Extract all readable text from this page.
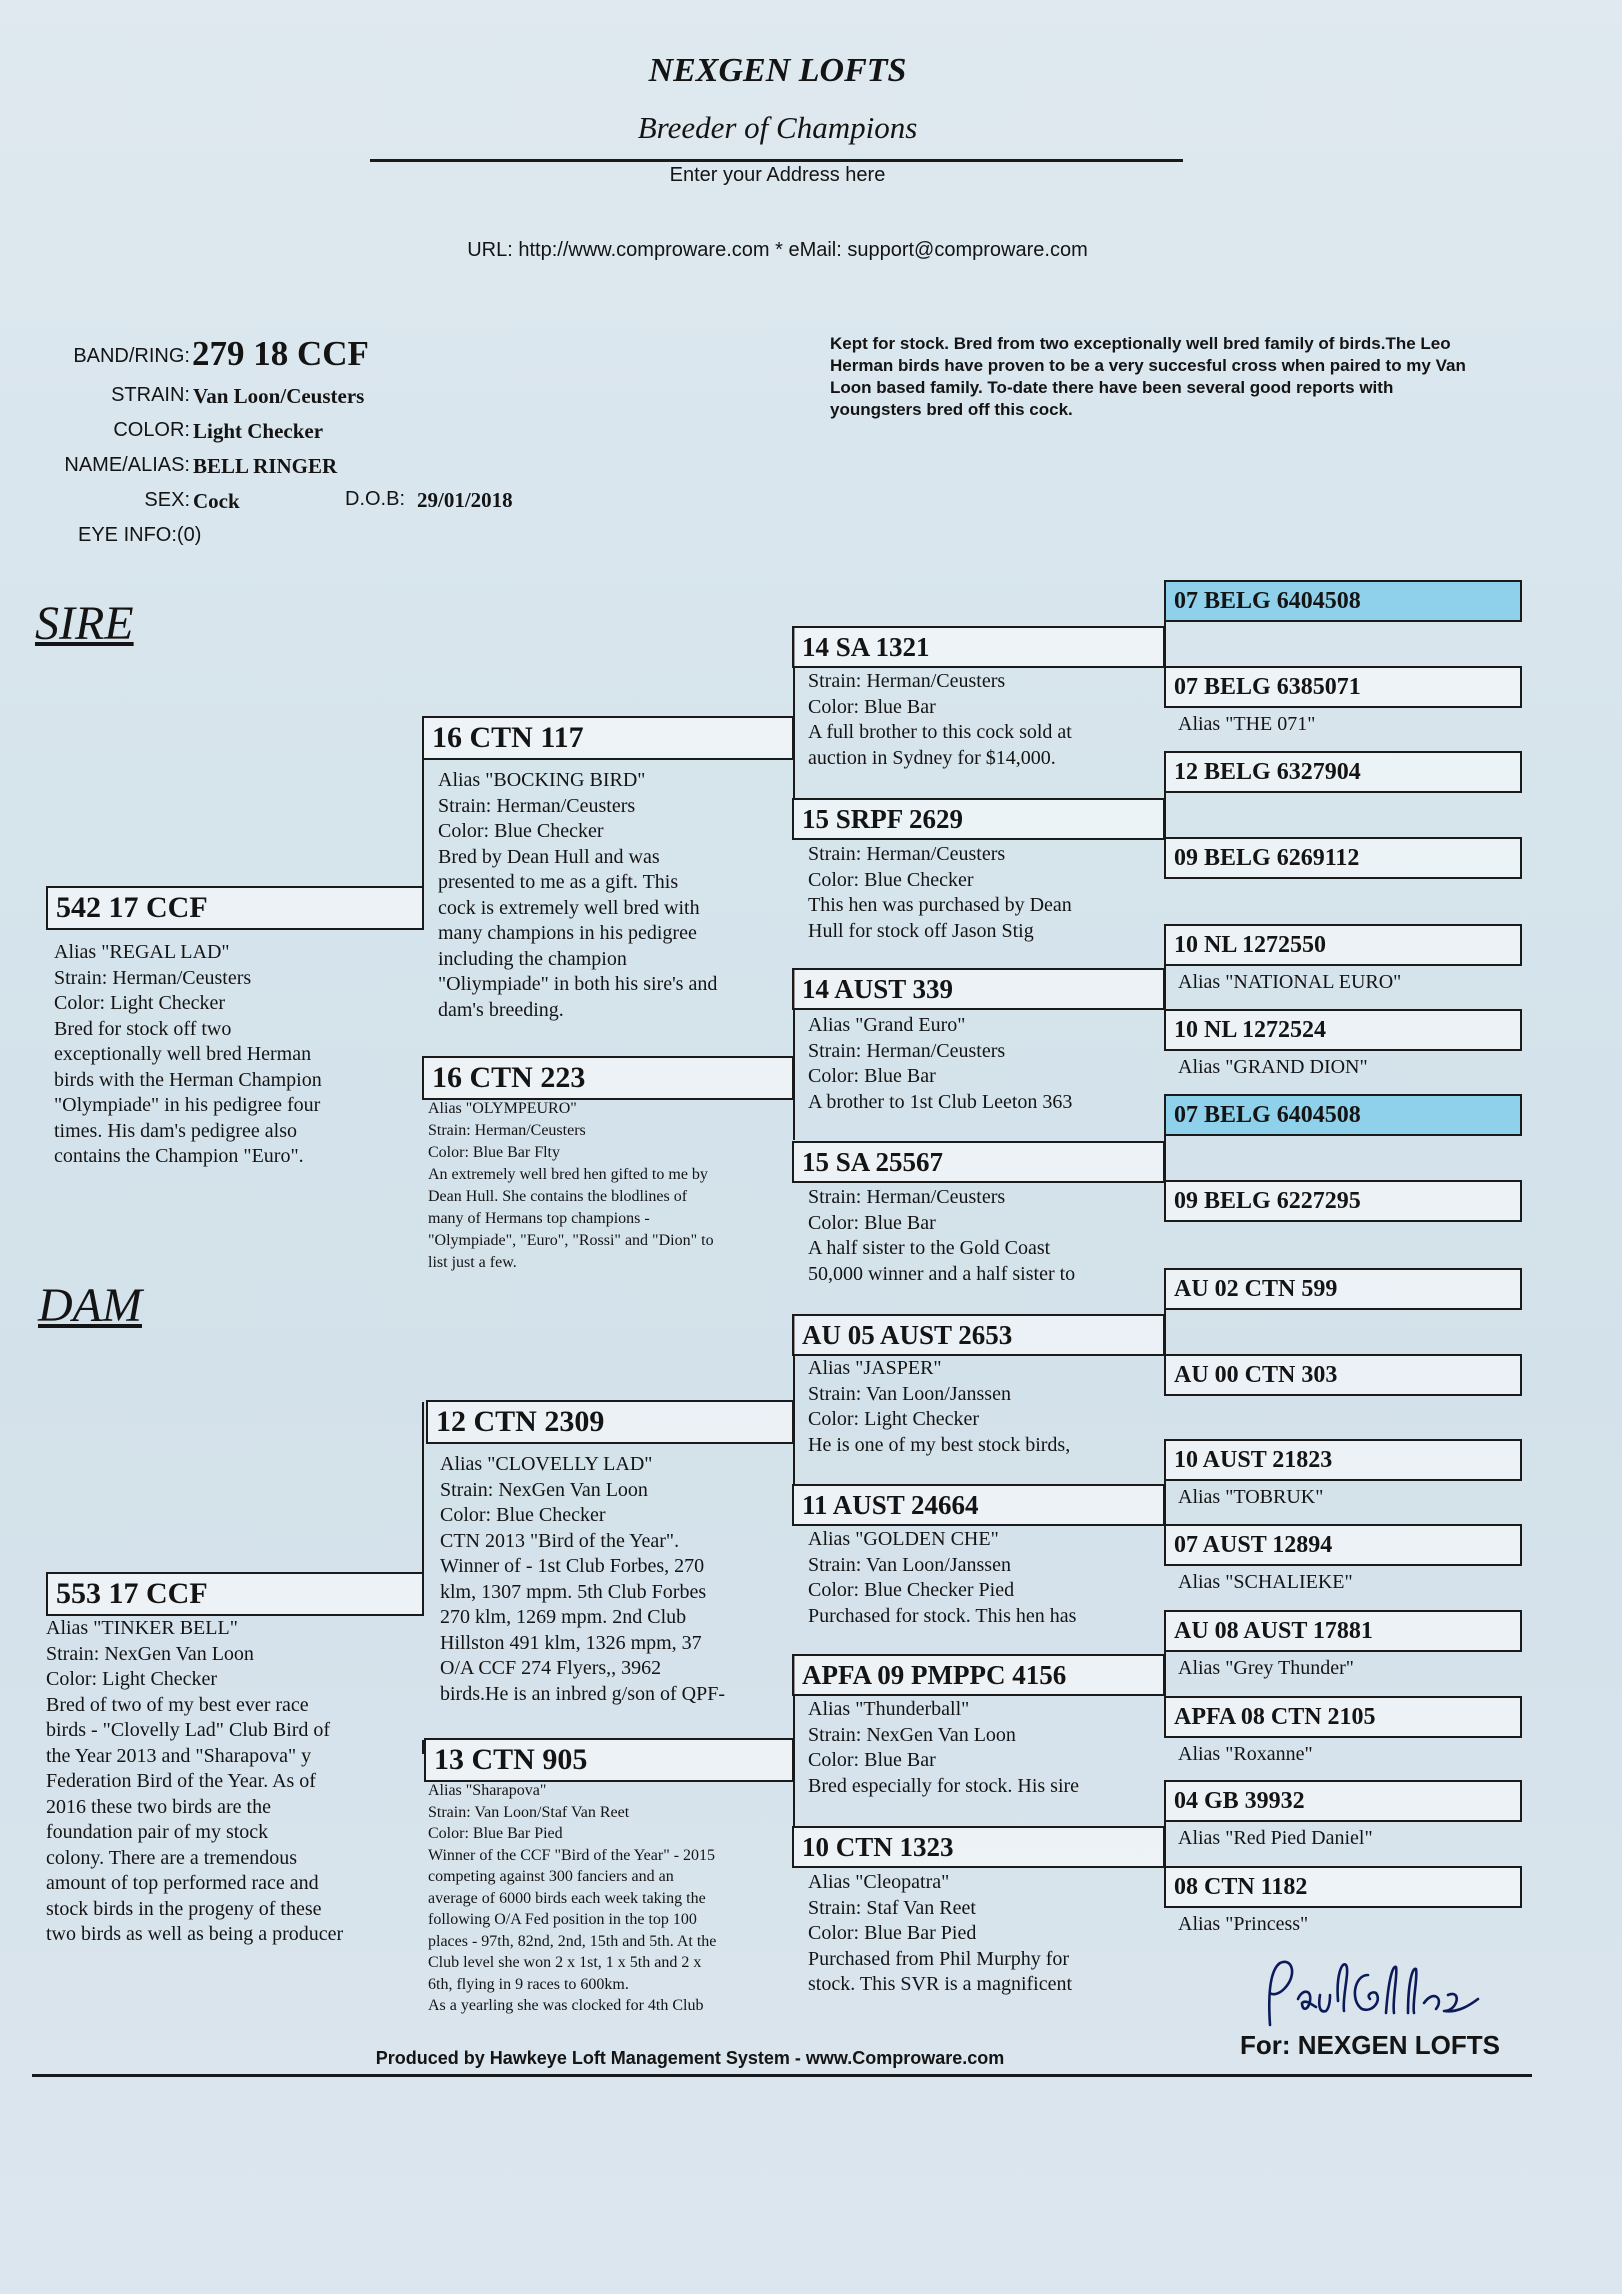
NEXGEN LOFTS
Breeder of Champions
Enter your Address here
URL: http://www.comproware.com * eMail: support@comproware.com
BAND/RING: 279 18 CCF
STRAIN: Van Loon/Ceusters
COLOR: Light Checker
NAME/ALIAS: BELL RINGER
SEX: Cock	D.O.B: 29/01/2018
EYE INFO:(0)
Kept for stock. Bred from two exceptionally well bred family of birds.The Leo Herman birds have proven to be a very succesful cross when paired to my Van Loon based family. To-date there have been several good reports with youngsters bred off this cock.
SIRE
DAM
542 17 CCF
Alias "REGAL LAD"
Strain: Herman/Ceusters
Color: Light Checker
Bred for stock off two
exceptionally well bred Herman
birds with the Herman Champion
"Olympiade" in his pedigree four
times. His dam's pedigree also
contains the Champion "Euro".
553 17 CCF
Alias "TINKER BELL"
Strain: NexGen Van Loon
Color: Light Checker
Bred of two of my best ever race
birds - "Clovelly Lad" Club Bird of
the Year 2013 and "Sharapova" y
Federation Bird of the Year. As of
2016 these two birds are the
foundation pair of my stock
colony. There are a tremendous
amount of top performed race and
stock birds in the progeny of these
two birds as well as being a producer
16 CTN 117
Alias "BOCKING BIRD"
Strain: Herman/Ceusters
Color: Blue Checker
Bred by Dean Hull and was
presented to me as a gift. This
cock is extremely well bred with
many champions in his pedigree
including the champion
"Oliympiade" in both his sire's and
dam's breeding.
16 CTN 223
Alias "OLYMPEURO"
Strain: Herman/Ceusters
Color: Blue Bar Flty
An extremely well bred hen gifted to me by
Dean Hull. She contains the blodlines of
many of Hermans top champions -
"Olympiade", "Euro", "Rossi" and "Dion" to
list just a few.
12 CTN 2309
Alias "CLOVELLY LAD"
Strain: NexGen Van Loon
Color: Blue Checker
CTN 2013 "Bird of the Year".
Winner of - 1st Club Forbes, 270
klm, 1307 mpm. 5th Club Forbes
270 klm, 1269 mpm. 2nd Club
Hillston 491 klm, 1326 mpm, 37
O/A CCF 274 Flyers,, 3962
birds.He is an inbred g/son of QPF-
13 CTN 905
Alias "Sharapova"
Strain: Van Loon/Staf Van Reet
Color: Blue Bar Pied
Winner of the CCF "Bird of the Year" - 2015
competing against 300 fanciers and an
average of 6000 birds each week taking the
following O/A Fed position in the top 100
places - 97th, 82nd, 2nd, 15th and 5th. At the
Club level she won 2 x 1st, 1 x 5th and 2 x
6th, flying in 9 races to 600km.
As a yearling she was clocked for 4th Club
14 SA 1321
Strain: Herman/Ceusters
Color: Blue Bar
A full brother to this cock sold at
auction in Sydney for $14,000.
15 SRPF 2629
Strain: Herman/Ceusters
Color: Blue Checker
This hen was purchased by Dean
Hull for stock off Jason Stig
14 AUST 339
Alias "Grand Euro"
Strain: Herman/Ceusters
Color: Blue Bar
A brother to 1st Club Leeton 363
15 SA 25567
Strain: Herman/Ceusters
Color: Blue Bar
A half sister to the Gold Coast
50,000 winner and a half sister to
AU 05 AUST 2653
Alias "JASPER"
Strain: Van Loon/Janssen
Color: Light Checker
He is one of my best stock birds,
11 AUST 24664
Alias "GOLDEN CHE"
Strain: Van Loon/Janssen
Color: Blue Checker Pied
Purchased for stock. This hen has
APFA 09 PMPPC 4156
Alias "Thunderball"
Strain: NexGen Van Loon
Color: Blue Bar
Bred especially for stock. His sire
10 CTN 1323
Alias "Cleopatra"
Strain: Staf Van Reet
Color: Blue Bar Pied
Purchased from Phil Murphy for
stock. This SVR is a magnificent
07 BELG 6404508
07 BELG 6385071
Alias "THE 071"
12 BELG 6327904
09 BELG 6269112
10 NL 1272550
Alias "NATIONAL EURO"
10 NL 1272524
Alias "GRAND DION"
07 BELG 6404508
09 BELG 6227295
AU 02 CTN 599
AU 00 CTN 303
10 AUST 21823
Alias "TOBRUK"
07 AUST 12894
Alias "SCHALIEKE"
AU 08 AUST 17881
Alias "Grey Thunder"
APFA 08 CTN 2105
Alias "Roxanne"
04 GB 39932
Alias "Red Pied Daniel"
08 CTN 1182
Alias "Princess"
For: NEXGEN LOFTS
Produced by Hawkeye Loft Management System - www.Comproware.com
